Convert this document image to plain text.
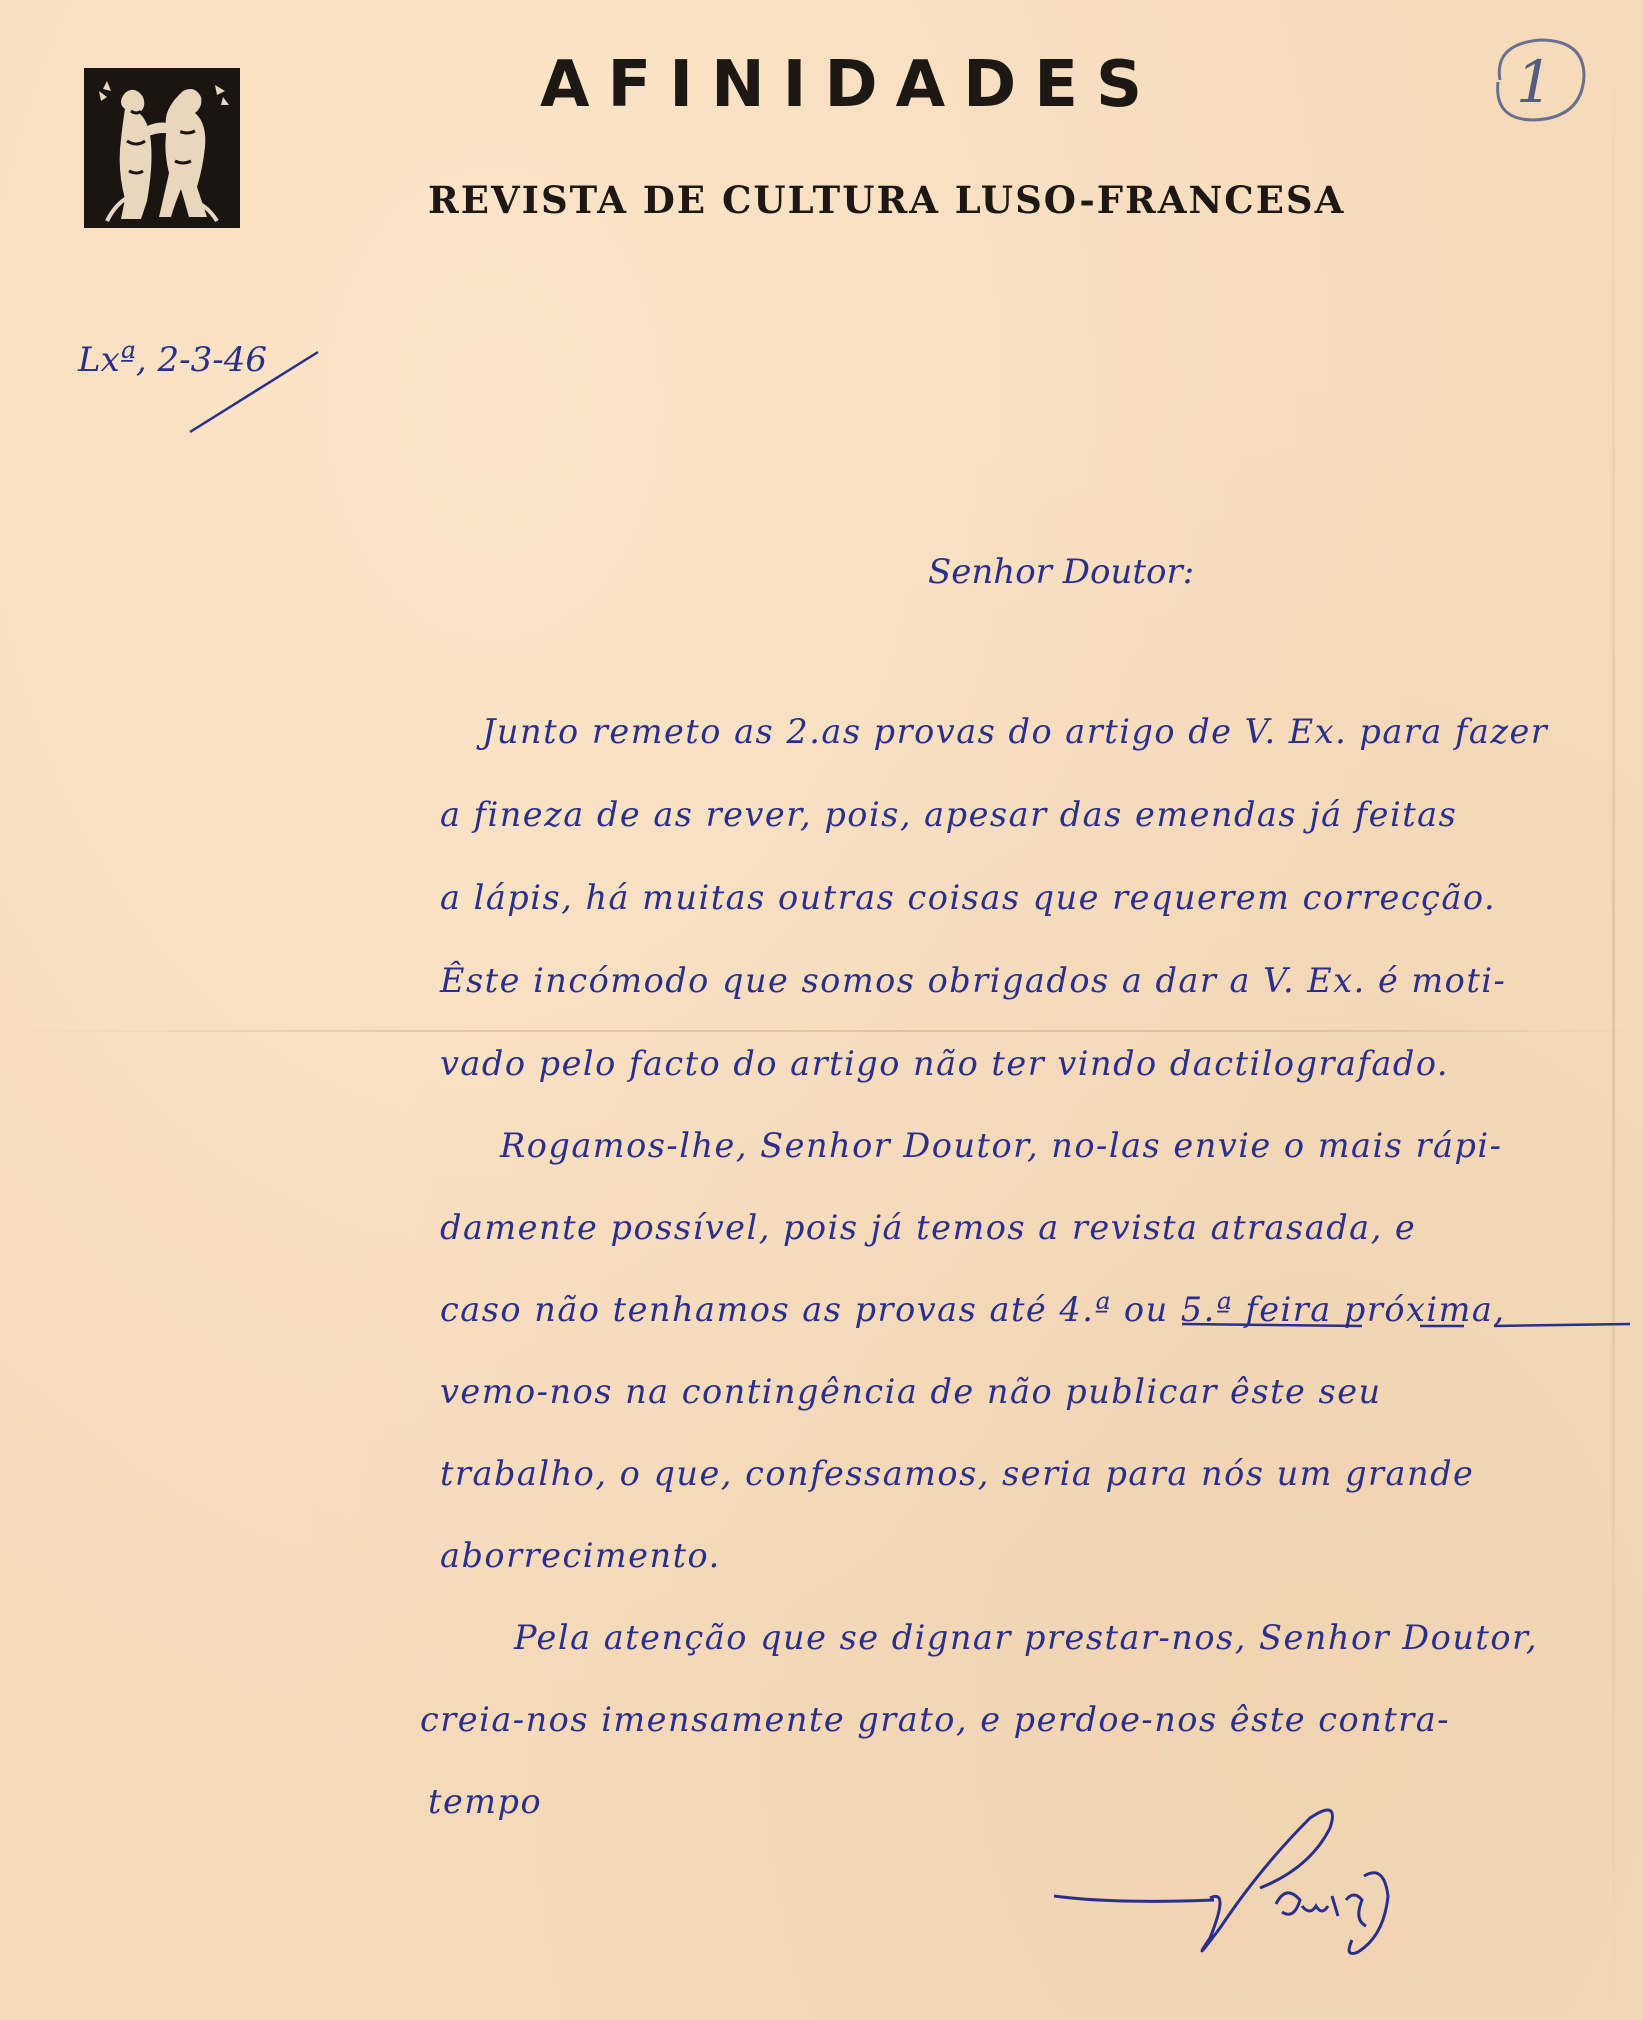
AFINIDADES
REVISTA DE CULTURA LUSO-FRANCESA
1
Lxª, 2-3-46
Senhor Doutor:
Junto remeto as 2.as provas do artigo de V. Ex. para fazer
a fineza de as rever, pois, apesar das emendas já feitas
a lápis, há muitas outras coisas que requerem correcção.
Êste incómodo que somos obrigados a dar a V. Ex. é moti-
vado pelo facto do artigo não ter vindo dactilografado.
Rogamos-lhe, Senhor Doutor, no-las envie o mais rápi-
damente possível, pois já temos a revista atrasada, e
caso não tenhamos as provas até 4.ª ou 5.ª feira próxima,
vemo-nos na contingência de não publicar êste seu
trabalho, o que, confessamos, seria para nós um grande
aborrecimento.
Pela atenção que se dignar prestar-nos, Senhor Doutor,
creia-nos imensamente grato, e perdoe-nos êste contra-
tempo
